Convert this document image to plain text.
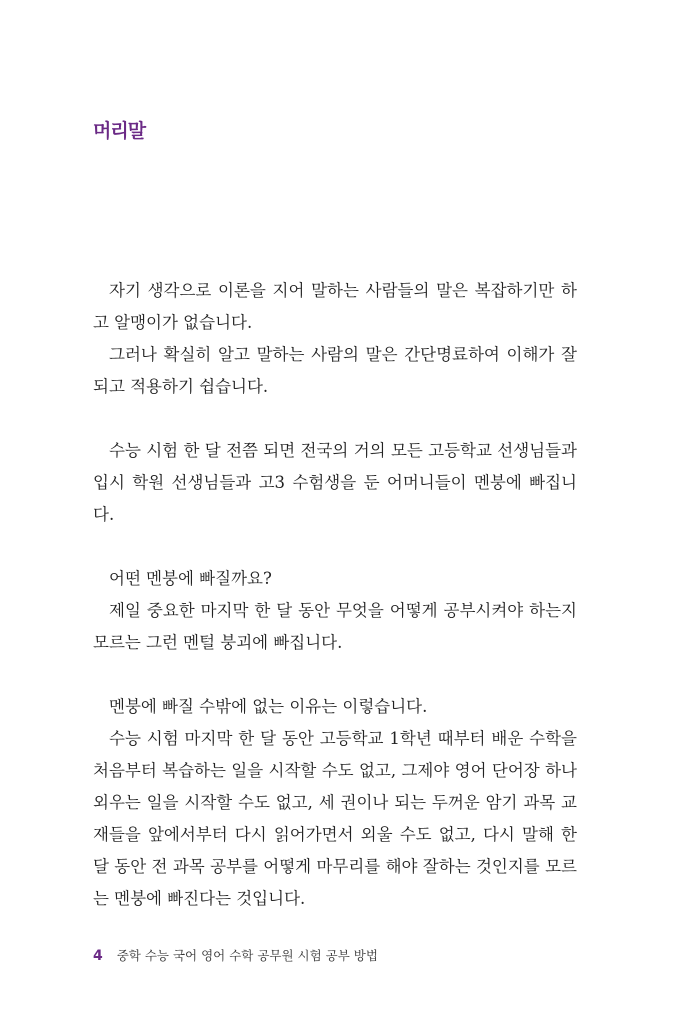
머리말

자기 생각으로 이론을 지어 말하는 사람들의 말은 복잡하기만 하고 알맹이가 없습니다.

그러나 확실히 알고 말하는 사람의 말은 간단명료하여 이해가 잘되고 적용하기 쉽습니다.

수능 시험 한 달 전쯤 되면 전국의 거의 모든 고등학교 선생님들과 입시 학원 선생님들과 고3 수험생을 둔 어머니들이 멘붕에 빠집니다.

어떤 멘붕에 빠질까요?

제일 중요한 마지막 한 달 동안 무엇을 어떻게 공부시켜야 하는지 모르는 그런 멘털 붕괴에 빠집니다.

멘붕에 빠질 수밖에 없는 이유는 이렇습니다.

수능 시험 마지막 한 달 동안 고등학교 1학년 때부터 배운 수학을 처음부터 복습하는 일을 시작할 수도 없고, 그제야 영어 단어장 하나 외우는 일을 시작할 수도 없고, 세 권이나 되는 두꺼운 암기 과목 교재들을 앞에서부터 다시 읽어가면서 외울 수도 없고, 다시 말해 한 달 동안 전 과목 공부를 어떻게 마무리를 해야 잘하는 것인지를 모르는 멘붕에 빠진다는 것입니다.

4 중학 수능 국어 영어 수학 공무원 시험 공부 방법
